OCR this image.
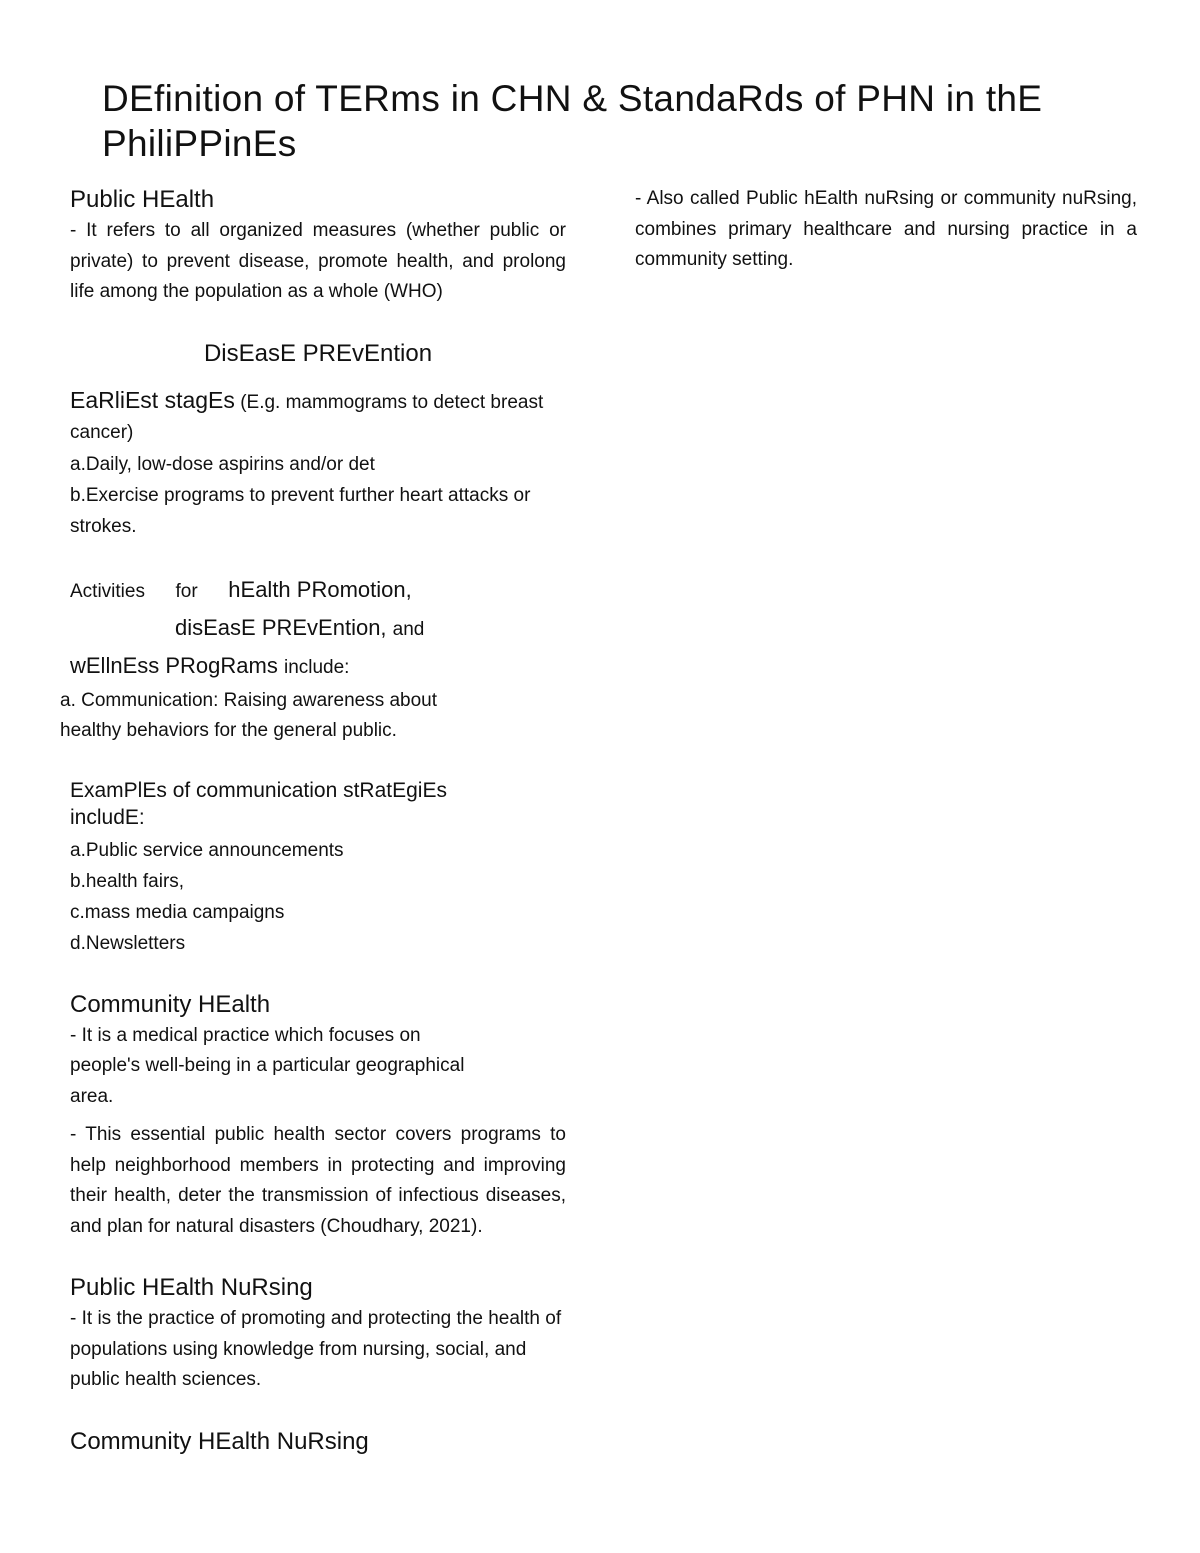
DEfinition of TERms in CHN & StandaRds of PHN in thE PhiliPPinEs
Public HEalth

- It refers to all organized measures (whether public or private) to prevent disease, promote health, and prolong life among the population as a whole (WHO)

DisEasE PREvEntion

EaRliEst stagEs (E.g. mammograms to detect breast cancer)

a.Daily, low-dose aspirins and/or det

b.Exercise programs to prevent further heart attacks or strokes.

Activities for hEalth PRomotion,

disEasE PREvEntion, and

wEllnEss PRogRams include:

a. Communication: Raising awareness about healthy behaviors for the general public.

ExamPlEs of communication stRatEgiEs includE:

a.Public service announcements

b.health fairs,

c.mass media campaigns

d.Newsletters

Community HEalth

- It is a medical practice which focuses on people's well-being in a particular geographical area.

- This essential public health sector covers programs to help neighborhood members in protecting and improving their health, deter the transmission of infectious diseases, and plan for natural disasters (Choudhary, 2021).

Public HEalth NuRsing

- It is the practice of promoting and protecting the health of populations using knowledge from nursing, social, and public health sciences.

Community HEalth NuRsing

- Also called Public hEalth nuRsing or community nuRsing, combines primary healthcare and nursing practice in a community setting.
